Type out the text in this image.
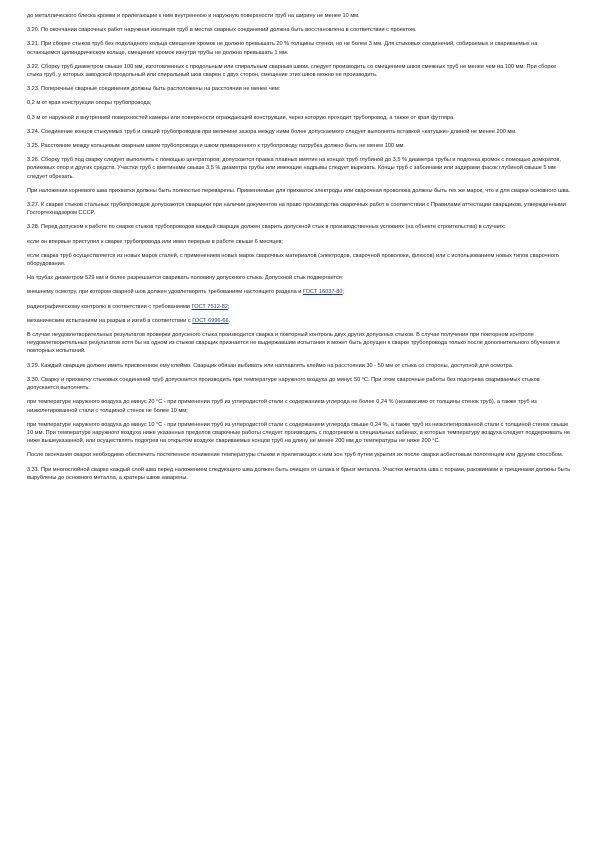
до металлического блеска кромки и прилегающие к ним внутреннюю и наружную поверхности труб на ширину не менее 10 мм.

3.20. По окончании сварочных работ наружная изоляция труб в местах сварных соединений должна быть восстановлена в соответствии с проектом.

3.21. При сборке стыков труб без подкладного кольца смещение кромок не должно превышать 20 % толщины стенки, но не более 3 мм. Для стыковых соединений, собираемых и свариваемых на остающемся цилиндрическом кольце, смещение кромок изнутри трубы не должно превышать 1 мм.

3.22. Сборку труб диаметром свыше 100 мм, изготовленных с продольным или спиральным сварным швом, следует производить со смещением швов смежных труб не менее чем на 100 мм. При сборке стыка труб, у которых заводской продольный или спиральный шов сварен с двух сторон, смещение этих швов можно не производить.

3.23. Поперечные сварные соединения должны быть расположены на расстоянии не менее чем:

0,2 м от края конструкции опоры трубопровода;

0,3 м от наружной и внутренней поверхностей камеры или поверхности ограждающей конструкции, через которую проходит трубопровод, а также от края футляра.

3.24. Соединение концов стыкуемых труб и секций трубопроводов при величине зазора между ними более допускаемого следует выполнять вставкой «катушки» длиной не менее 200 мм.

3.25. Расстояние между кольцевым сварным швом трубопровода и швом приваренного к трубопроводу патрубка должно быть не менее 100 мм.

3.26. Сборку труб под сварку следует выполнять с помощью центраторов; допускается правка плавных вмятин на концах труб глубиной до 3,5 % диаметра трубы и подгонка кромок с помощью домкратов, роликовых опор и других средств. Участки труб с вмятинами свыше 3,5 % диаметра трубы или имеющие надрывы следует вырезать. Концы труб с забоинами или задирами фасок глубиной свыше 5 мм следует обрезать.

При наложении корневого шва прихватки должны быть полностью переварены. Применяемые для прихваток электроды или сварочная проволока должны быть тех же марок, что и для сварки основного шва.

3.27. К сварке стыков стальных трубопроводов допускаются сварщики при наличии документов на право производства сварочных работ в соответствии с Правилами аттестации сварщиков, утвержденными Госгортехнадзором СССР.

3.28. Перед допуском к работе по сварке стыков трубопроводов каждый сварщик должен сварить допускной стык в производственных условиях (на объекте строительства) в случаях:

если он впервые приступил к сварке трубопровода или имел перерыв в работе свыше 6 месяцев;

если сварка труб осуществляется из новых марок сталей, с применением новых марок сварочных материалов (электродов, сварочной проволоки, флюсов) или с использованием новых типов сварочного оборудования.

На трубах диаметром 529 мм и более разрешается сваривать половину допускного стыка. Допускной стык подвергается:

внешнему осмотру, при котором сварной шов должен удовлетворять требованиям настоящего раздела и ГОСТ 16037-80;

радиографическому контролю в соответствии с требованиями ГОСТ 7512-82;

механическим испытаниям на разрыв и изгиб в соответствии с ГОСТ 6996-66.

В случае неудовлетворительных результатов проверки допускного стыка производится сварка и повторный контроль двух других допускных стыков. В случае получения при повторном контроле неудовлетворительных результатов хотя бы на одном из стыков сварщик признается не выдержавшим испытания и может быть допущен к сварке трубопровода только после дополнительного обучения и повторных испытаний.

3.29. Каждый сварщик должен иметь присвоенное ему клеймо. Сварщик обязан выбивать или наплавлять клеймо на расстоянии 30 - 50 мм от стыка со стороны, доступной для осмотра.

3.30. Сварку и прихватку стыковых соединений труб допускается производить при температуре наружного воздуха до минус 50 °С. При этом сварочные работы без подогрева свариваемых стыков допускается выполнять:

при температуре наружного воздуха до минус 20 °С - при применении труб из углеродистой стали с содержанием углерода не более 0,24 % (независимо от толщины стенок труб), а также труб из низколегированной стали с толщиной стенок не более 10 мм;

при температуре наружного воздуха до минус 10 °С - при применении труб из углеродистой стали с содержанием углерода свыше 0,24 %, а также труб из низколегированной стали с толщиной стенок свыше 10 мм. При температуре наружного воздуха ниже указанных пределов сварочные работы следует производить с подогревом в специальных кабинах, в которых температуру воздуха следует поддерживать не ниже вышеуказанной, или осуществлять подогрев на открытом воздухе свариваемых концов труб на длину не менее 200 мм до температуры не ниже 200 °С.

После окончания сварки необходимо обеспечить постепенное понижение температуры стыков и прилегающих к ним зон труб путем укрытия их после сварки асбестовым полотенцем или другим способом.

3.31. При многослойной сварке каждый слой шва перед наложением следующего шва должен быть очищен от шлака и брызг металла. Участки металла шва с порами, раковинами и трещинами должны быть вырублены до основного металла, а кратеры швов заварены.
